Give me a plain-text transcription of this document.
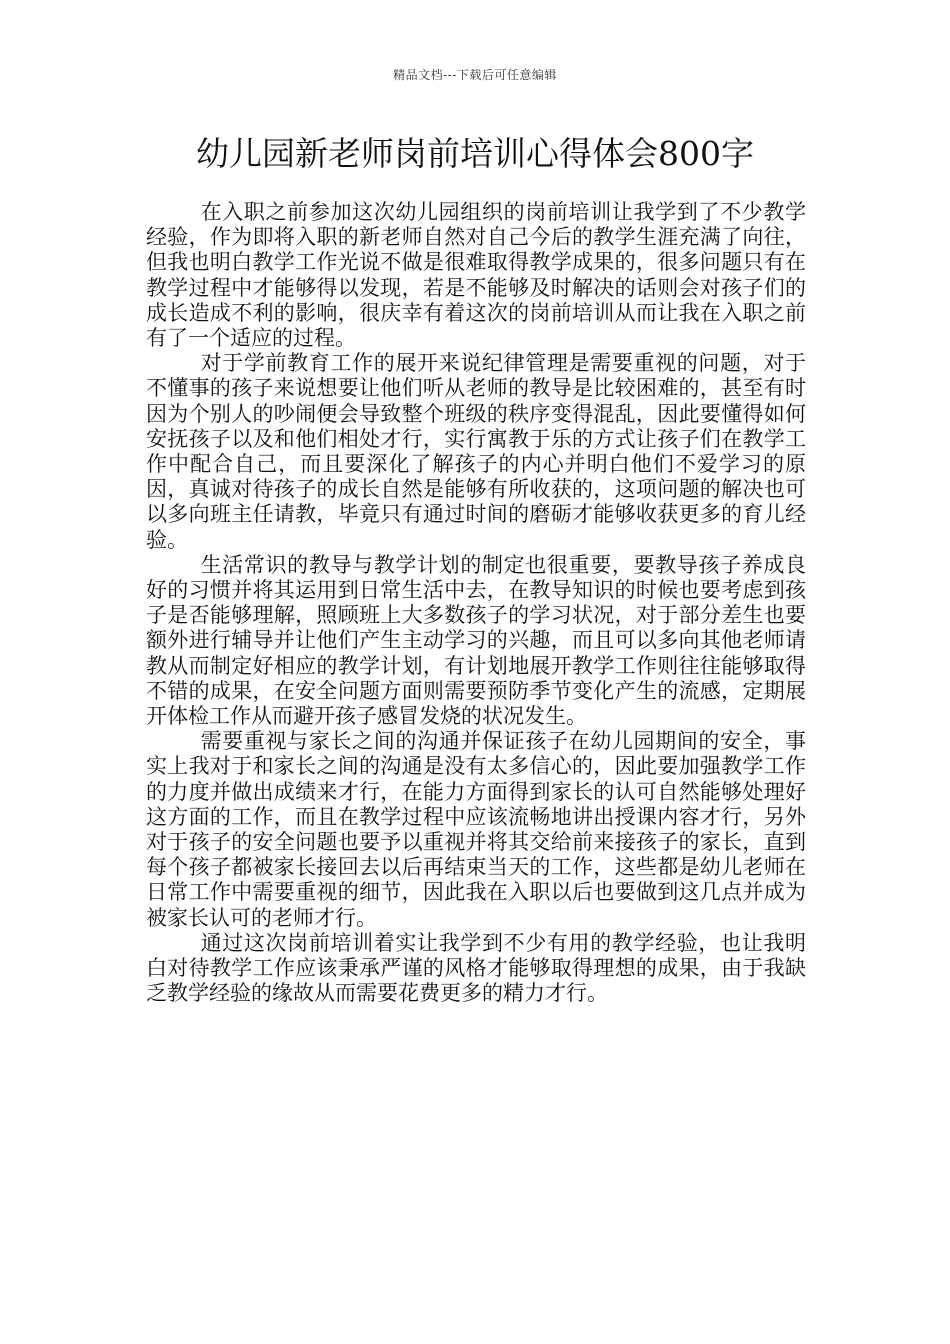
精品文档---下载后可任意编辑
幼儿园新老师岗前培训心得体会800字

在入职之前参加这次幼儿园组织的岗前培训让我学到了不少教学经验，作为即将入职的新老师自然对自己今后的教学生涯充满了向往，但我也明白教学工作光说不做是很难取得教学成果的，很多问题只有在教学过程中才能够得以发现，若是不能够及时解决的话则会对孩子们的成长造成不利的影响，很庆幸有着这次的岗前培训从而让我在入职之前有了一个适应的过程。

对于学前教育工作的展开来说纪律管理是需要重视的问题，对于不懂事的孩子来说想要让他们听从老师的教导是比较困难的，甚至有时因为个别人的吵闹便会导致整个班级的秩序变得混乱，因此要懂得如何安抚孩子以及和他们相处才行，实行寓教于乐的方式让孩子们在教学工作中配合自己，而且要深化了解孩子的内心并明白他们不爱学习的原因，真诚对待孩子的成长自然是能够有所收获的，这项问题的解决也可以多向班主任请教，毕竟只有通过时间的磨砺才能够收获更多的育儿经验。

生活常识的教导与教学计划的制定也很重要，要教导孩子养成良好的习惯并将其运用到日常生活中去，在教导知识的时候也要考虑到孩子是否能够理解，照顾班上大多数孩子的学习状况，对于部分差生也要额外进行辅导并让他们产生主动学习的兴趣，而且可以多向其他老师请教从而制定好相应的教学计划，有计划地展开教学工作则往往能够取得不错的成果，在安全问题方面则需要预防季节变化产生的流感，定期展开体检工作从而避开孩子感冒发烧的状况发生。

需要重视与家长之间的沟通并保证孩子在幼儿园期间的安全，事实上我对于和家长之间的沟通是没有太多信心的，因此要加强教学工作的力度并做出成绩来才行，在能力方面得到家长的认可自然能够处理好这方面的工作，而且在教学过程中应该流畅地讲出授课内容才行，另外对于孩子的安全问题也要予以重视并将其交给前来接孩子的家长，直到每个孩子都被家长接回去以后再结束当天的工作，这些都是幼儿老师在日常工作中需要重视的细节，因此我在入职以后也要做到这几点并成为被家长认可的老师才行。

通过这次岗前培训着实让我学到不少有用的教学经验，也让我明白对待教学工作应该秉承严谨的风格才能够取得理想的成果，由于我缺乏教学经验的缘故从而需要花费更多的精力才行。
